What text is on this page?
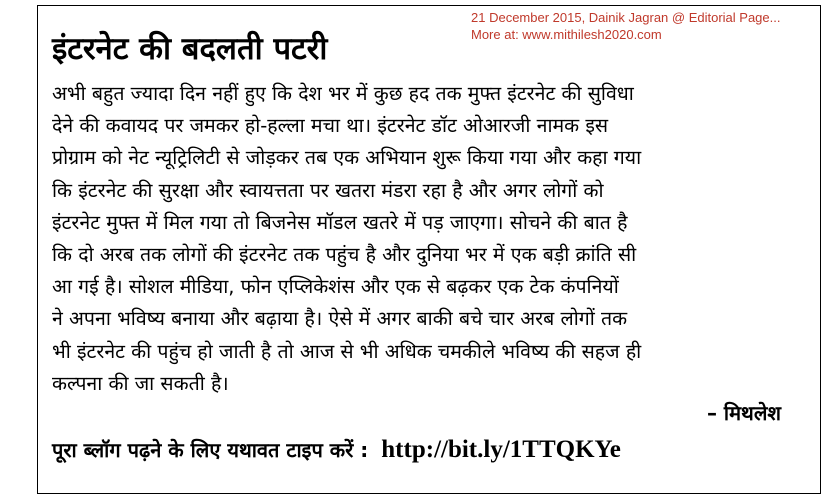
21 December 2015, Dainik Jagran @ Editorial Page...
More at: www.mithilesh2020.com
इंटरनेट की बदलती पटरी
अभी बहुत ज्यादा दिन नहीं हुए कि देश भर में कुछ हद तक मुफ्त इंटरनेट की सुविधा
देने की कवायद पर जमकर हो-हल्ला मचा था। इंटरनेट डॉट ओआरजी नामक इस
प्रोग्राम को नेट न्यूट्रिलिटी से जोड़कर तब एक अभियान शुरू किया गया और कहा गया
कि इंटरनेट की सुरक्षा और स्वायत्तता पर खतरा मंडरा रहा है और अगर लोगों को
इंटरनेट मुफ्त में मिल गया तो बिजनेस मॉडल खतरे में पड़ जाएगा। सोचने की बात है
कि दो अरब तक लोगों की इंटरनेट तक पहुंच है और दुनिया भर में एक बड़ी क्रांति सी
आ गई है। सोशल मीडिया, फोन एप्लिकेशंस और एक से बढ़कर एक टेक कंपनियों
ने अपना भविष्य बनाया और बढ़ाया है। ऐसे में अगर बाकी बचे चार अरब लोगों तक
भी इंटरनेट की पहुंच हो जाती है तो आज से भी अधिक चमकीले भविष्य की सहज ही
कल्पना की जा सकती है।
– मिथलेश
पूरा ब्लॉग पढ़ने के लिए यथावत टाइप करें : http://bit.ly/1TTQKYe
